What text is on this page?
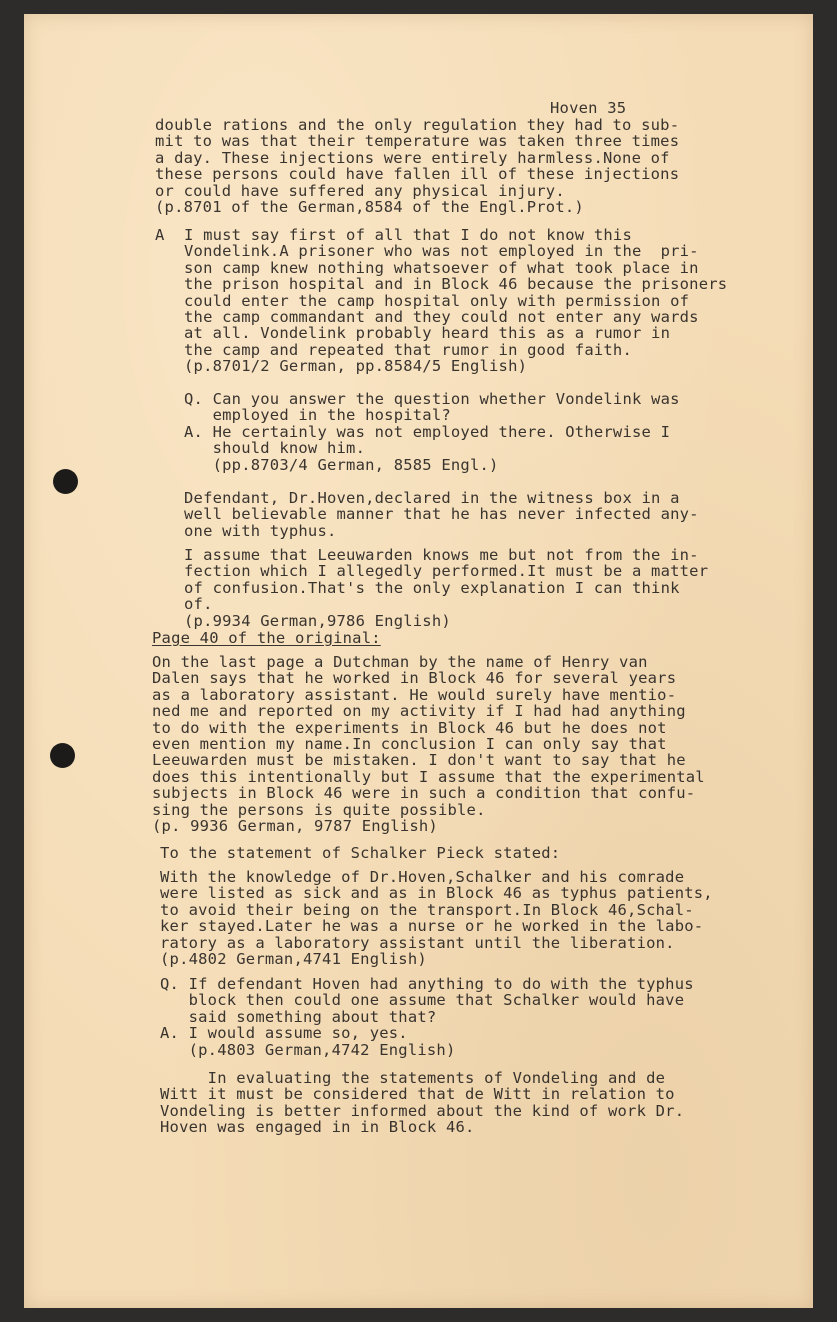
Hoven 35

double rations and the only regulation they had to sub-
mit to was that their temperature was taken three times
a day. These injections were entirely harmless.None of
these persons could have fallen ill of these injections
or could have suffered any physical injury.
(p.8701 of the German,8584 of the Engl.Prot.)

A I must say first of all that I do not know this
Vondelink.A prisoner who was not employed in the  pri-
son camp knew nothing whatsoever of what took place in
the prison hospital and in Block 46 because the prisoners
could enter the camp hospital only with permission of
the camp commandant and they could not enter any wards
at all. Vondelink probably heard this as a rumor in
the camp and repeated that rumor in good faith.
(p.8701/2 German, pp.8584/5 English)

Q. Can you answer the question whether Vondelink was
employed in the hospital?
A. He certainly was not employed there. Otherwise I
should know him.
(pp.8703/4 German, 8585 Engl.)

Defendant, Dr.Hoven,declared in the witness box in a
well believable manner that he has never infected any-
one with typhus.

I assume that Leeuwarden knows me but not from the in-
fection which I allegedly performed.It must be a matter
of confusion.That's the only explanation I can think
of.
(p.9934 German,9786 English)

Page 40 of the original:

On the last page a Dutchman by the name of Henry van
Dalen says that he worked in Block 46 for several years
as a laboratory assistant. He would surely have mentio-
ned me and reported on my activity if I had had anything
to do with the experiments in Block 46 but he does not
even mention my name.In conclusion I can only say that
Leeuwarden must be mistaken. I don't want to say that he
does this intentionally but I assume that the experimental
subjects in Block 46 were in such a condition that confu-
sing the persons is quite possible.
(p. 9936 German, 9787 English)

To the statement of Schalker Pieck stated:

With the knowledge of Dr.Hoven,Schalker and his comrade
were listed as sick and as in Block 46 as typhus patients,
to avoid their being on the transport.In Block 46,Schal-
ker stayed.Later he was a nurse or he worked in the labo-
ratory as a laboratory assistant until the liberation.
(p.4802 German,4741 English)

Q. If defendant Hoven had anything to do with the typhus
block then could one assume that Schalker would have
said something about that?
A. I would assume so, yes.
(p.4803 German,4742 English)

In evaluating the statements of Vondeling and de
Witt it must be considered that de Witt in relation to
Vondeling is better informed about the kind of work Dr.
Hoven was engaged in in Block 46.
